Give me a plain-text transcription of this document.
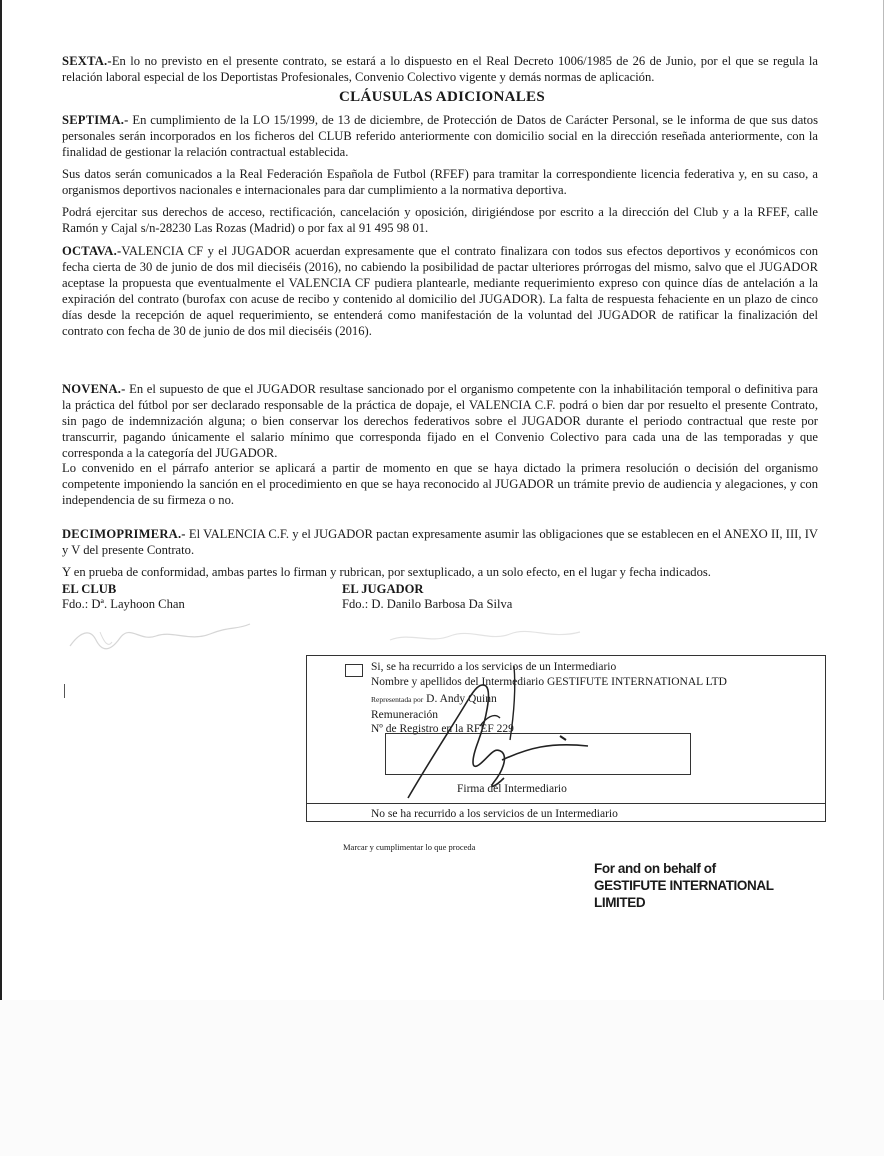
SEXTA.-En lo no previsto en el presente contrato, se estará a lo dispuesto en el Real Decreto 1006/1985 de 26 de Junio, por el que se regula la relación laboral especial de los Deportistas Profesionales, Convenio Colectivo vigente y demás normas de aplicación.

CLÁUSULAS ADICIONALES

SEPTIMA.- En cumplimiento de la LO 15/1999, de 13 de diciembre, de Protección de Datos de Carácter Personal, se le informa de que sus datos personales serán incorporados en los ficheros del CLUB referido anteriormente con domicilio social en la dirección reseñada anteriormente, con la finalidad de gestionar la relación contractual establecida.

Sus datos serán comunicados a la Real Federación Española de Futbol (RFEF) para tramitar la correspondiente licencia federativa y, en su caso, a organismos deportivos nacionales e internacionales para dar cumplimiento a la normativa deportiva.

Podrá ejercitar sus derechos de acceso, rectificación, cancelación y oposición, dirigiéndose por escrito a la dirección del Club y a la RFEF, calle Ramón y Cajal s/n-28230 Las Rozas (Madrid) o por fax al 91 495 98 01.

OCTAVA.-VALENCIA CF y el JUGADOR acuerdan expresamente que el contrato finalizara con todos sus efectos deportivos y económicos con fecha cierta de 30 de junio de dos mil dieciséis (2016), no cabiendo la posibilidad de pactar ulteriores prórrogas del mismo, salvo que el JUGADOR aceptase la propuesta que eventualmente el VALENCIA CF pudiera plantearle, mediante requerimiento expreso con quince días de antelación a la expiración del contrato (burofax con acuse de recibo y contenido al domicilio del JUGADOR). La falta de respuesta fehaciente en un plazo de cinco días desde la recepción de aquel requerimiento, se entenderá como manifestación de la voluntad del JUGADOR de ratificar la finalización del contrato con fecha de 30 de junio de dos mil dieciséis (2016).

NOVENA.- En el supuesto de que el JUGADOR resultase sancionado por el organismo competente con la inhabilitación temporal o definitiva para la práctica del fútbol por ser declarado responsable de la práctica de dopaje, el VALENCIA C.F. podrá o bien dar por resuelto el presente Contrato, sin pago de indemnización alguna; o bien conservar los derechos federativos sobre el JUGADOR durante el periodo contractual que reste por transcurrir, pagando únicamente el salario mínimo que corresponda fijado en el Convenio Colectivo para cada una de las temporadas y que corresponda a la categoría del JUGADOR.

Lo convenido en el párrafo anterior se aplicará a partir de momento en que se haya dictado la primera resolución o decisión del organismo competente imponiendo la sanción en el procedimiento en que se haya reconocido al JUGADOR un trámite previo de audiencia y alegaciones, y con independencia de su firmeza o no.

DECIMOPRIMERA.- El VALENCIA C.F. y el JUGADOR pactan expresamente asumir las obligaciones que se establecen en el ANEXO II, III, IV y V del presente Contrato.

Y en prueba de conformidad, ambas partes lo firman y rubrican, por sextuplicado, a un solo efecto, en el lugar y fecha indicados.

EL CLUB
Fdo.: Dª. Layhoon Chan
EL JUGADOR
Fdo.: D. Danilo Barbosa Da Silva
Si, se ha recurrido a los servicios de un Intermediario
Nombre y apellidos del Intermediario GESTIFUTE INTERNATIONAL LTD
Representada por D. Andy Quinn
Remuneración
Nº de Registro en la RFEF 229
Firma del Intermediario
No se ha recurrido a los servicios de un Intermediario
Marcar y cumplimentar lo que proceda
For and on behalf of
GESTIFUTE INTERNATIONAL
LIMITED
